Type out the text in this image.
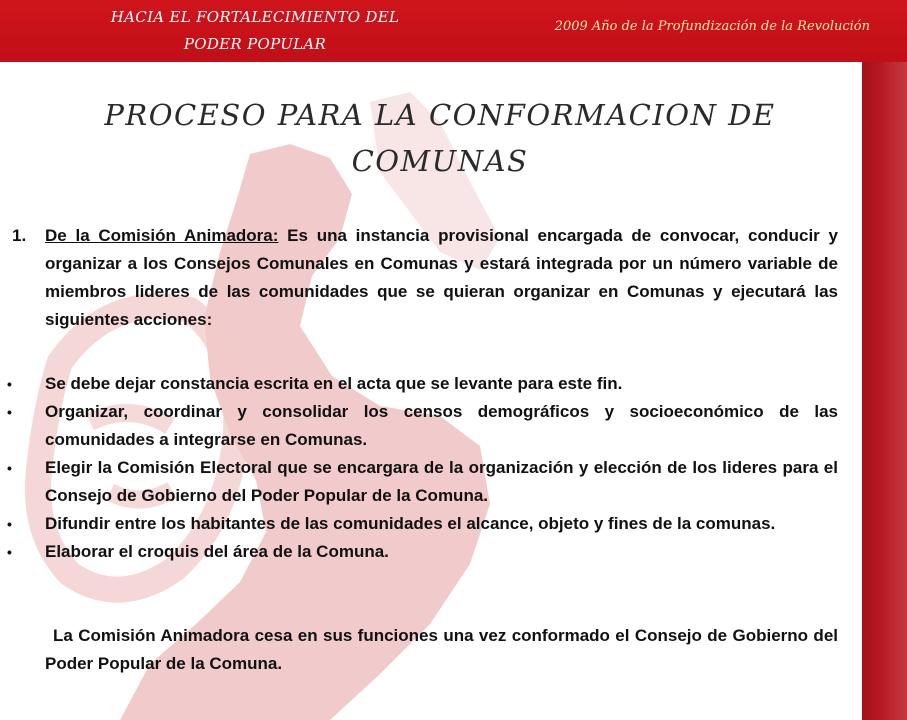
HACIA EL FORTALECIMIENTO DEL
PODER POPULAR
2009 Año de la Profundización de la Revolución
PROCESO PARA LA CONFORMACION DE
COMUNAS
1. De la Comisión Animadora: Es una instancia provisional encargada de convocar, conducir y organizar a los Consejos Comunales en Comunas y estará integrada por un número variable de miembros lideres de las comunidades que se quieran organizar en Comunas y ejecutará las siguientes acciones:
• Se debe dejar constancia escrita en el acta que se levante para este fin.
• Organizar, coordinar y consolidar los censos demográficos y socioeconómico de las comunidades a integrarse en Comunas.
• Elegir la Comisión Electoral que se encargara de la organización y elección de los lideres para el Consejo de Gobierno del Poder Popular de la Comuna.
• Difundir entre los habitantes de las comunidades el alcance, objeto y fines de la comunas.
• Elaborar el croquis del área de la Comuna.
La Comisión Animadora cesa en sus funciones una vez conformado el Consejo de Gobierno del Poder Popular de la Comuna.
